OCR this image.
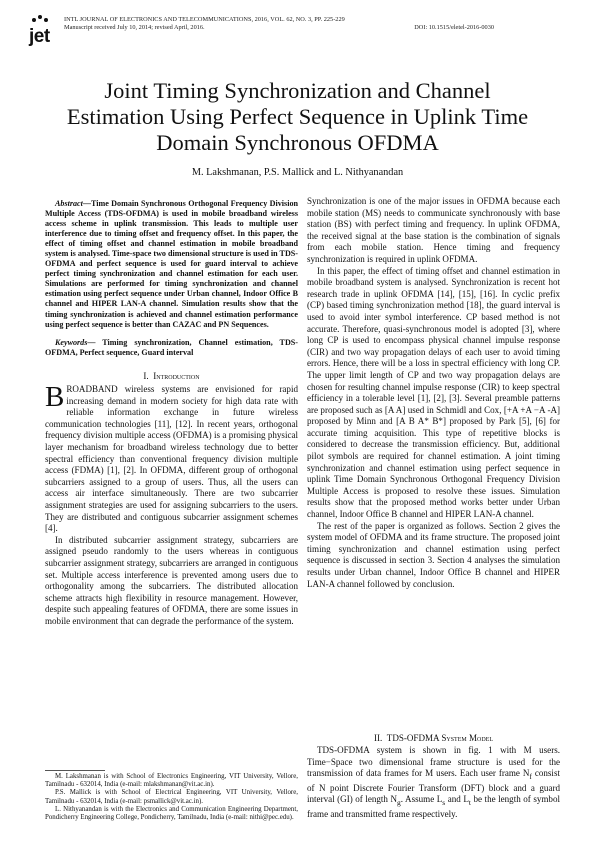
jet
INTL JOURNAL OF ELECTRONICS AND TELECOMMUNICATIONS, 2016, VOL. 62, NO. 3, PP. 225-229
Manuscript received July 10, 2014; revised April, 2016.	DOI: 10.1515/eletel-2016-0030
Joint Timing Synchronization and Channel
Estimation Using Perfect Sequence in Uplink Time
Domain Synchronous OFDMA
M. Lakshmanan, P.S. Mallick and L. Nithyanandan

Abstract—Time Domain Synchronous Orthogonal Frequency Division Multiple Access (TDS-OFDMA) is used in mobile broadband wireless access scheme in uplink transmission. This leads to multiple user interference due to timing offset and frequency offset. In this paper, the effect of timing offset and channel estimation in mobile broadband system is analysed. Time-space two dimensional structure is used in TDS-OFDMA and perfect sequence is used for guard interval to achieve perfect timing synchronization and channel estimation for each user. Simulations are performed for timing synchronization and channel estimation using perfect sequence under Urban channel, Indoor Office B channel and HIPER LAN-A channel. Simulation results show that the timing synchronization is achieved and channel estimation performance using perfect sequence is better than CAZAC and PN Sequences.

Keywords— Timing synchronization, Channel estimation, TDS-OFDMA, Perfect sequence, Guard interval

I. Introduction

BROADBAND wireless systems are envisioned for rapid increasing demand in modern society for high data rate with reliable information exchange in future wireless communication technologies [11], [12]. In recent years, orthogonal frequency division multiple access (OFDMA) is a promising physical layer mechanism for broadband wireless technology due to better spectral efficiency than conventional frequency division multiple access (FDMA) [1], [2]. In OFDMA, different group of orthogonal subcarriers assigned to a group of users. Thus, all the users can access air interface simultaneously. There are two subcarrier assignment strategies are used for assigning subcarriers to the users. They are distributed and contiguous subcarrier assignment schemes [4].

In distributed subcarrier assignment strategy, subcarriers are assigned pseudo randomly to the users whereas in contiguous subcarrier assignment strategy, subcarriers are arranged in contiguous set. Multiple access interference is prevented among users due to orthogonality among the subcarriers. The distributed allocation scheme attracts high flexibility in resource management. However, despite such appealing features of OFDMA, there are some issues in mobile environment that can degrade the performance of the system.

M. Lakshmanan is with School of Electronics Engineering, VIT University, Vellore, Tamilnadu - 632014, India (e-mail: mlakshmanan@vit.ac.in).

P.S. Mallick is with School of Electrical Engineering, VIT University, Vellore, Tamilnadu - 632014, India (e-mail: psmallick@vit.ac.in).

L. Nithyanandan is with the Electronics and Communication Engineering Department, Pondicherry Engineering College, Pondicherry, Tamilnadu, India (e-mail: nithi@pec.edu).

Synchronization is one of the major issues in OFDMA because each mobile station (MS) needs to communicate synchronously with base station (BS) with perfect timing and frequency. In uplink OFDMA, the received signal at the base station is the combination of signals from each mobile station. Hence timing and frequency synchronization is required in uplink OFDMA.

In this paper, the effect of timing offset and channel estimation in mobile broadband system is analysed. Synchronization is recent hot research trade in uplink OFDMA [14], [15], [16]. In cyclic prefix (CP) based timing synchronization method [18], the guard interval is used to avoid inter symbol interference. CP based method is not accurate. Therefore, quasi-synchronous model is adopted [3], where long CP is used to encompass physical channel impulse response (CIR) and two way propagation delays of each user to avoid timing errors. Hence, there will be a loss in spectral efficiency with long CP. The upper limit length of CP and two way propagation delays are chosen for resulting channel impulse response (CIR) to keep spectral efficiency in a tolerable level [1], [2], [3]. Several preamble patterns are proposed such as [A A] used in Schmidl and Cox, [+A +A −A -A] proposed by Minn and [A B A* B*] proposed by Park [5], [6] for accurate timing acquisition. This type of repetitive blocks is considered to decrease the transmission efficiency. But, additional pilot symbols are required for channel estimation. A joint timing synchronization and channel estimation using perfect sequence in uplink Time Domain Synchronous Orthogonal Frequency Division Multiple Access is proposed to resolve these issues. Simulation results show that the proposed method works better under Urban channel, Indoor Office B channel and HIPER LAN-A channel.

The rest of the paper is organized as follows. Section 2 gives the system model of OFDMA and its frame structure. The proposed joint timing synchronization and channel estimation using perfect sequence is discussed in section 3. Section 4 analyses the simulation results under Urban channel, Indoor Office B channel and HIPER LAN-A channel followed by conclusion.

II. TDS-OFDMA System Model

TDS-OFDMA system is shown in fig. 1 with M users. Time−Space two dimensional frame structure is used for the transmission of data frames for M users. Each user frame $N_f$ consist of N point Discrete Fourier Transform (DFT) block and a guard interval (GI) of length $N_g$. Assume $L_s$ and $L_t$ be the length of symbol frame and transmitted frame respectively.
